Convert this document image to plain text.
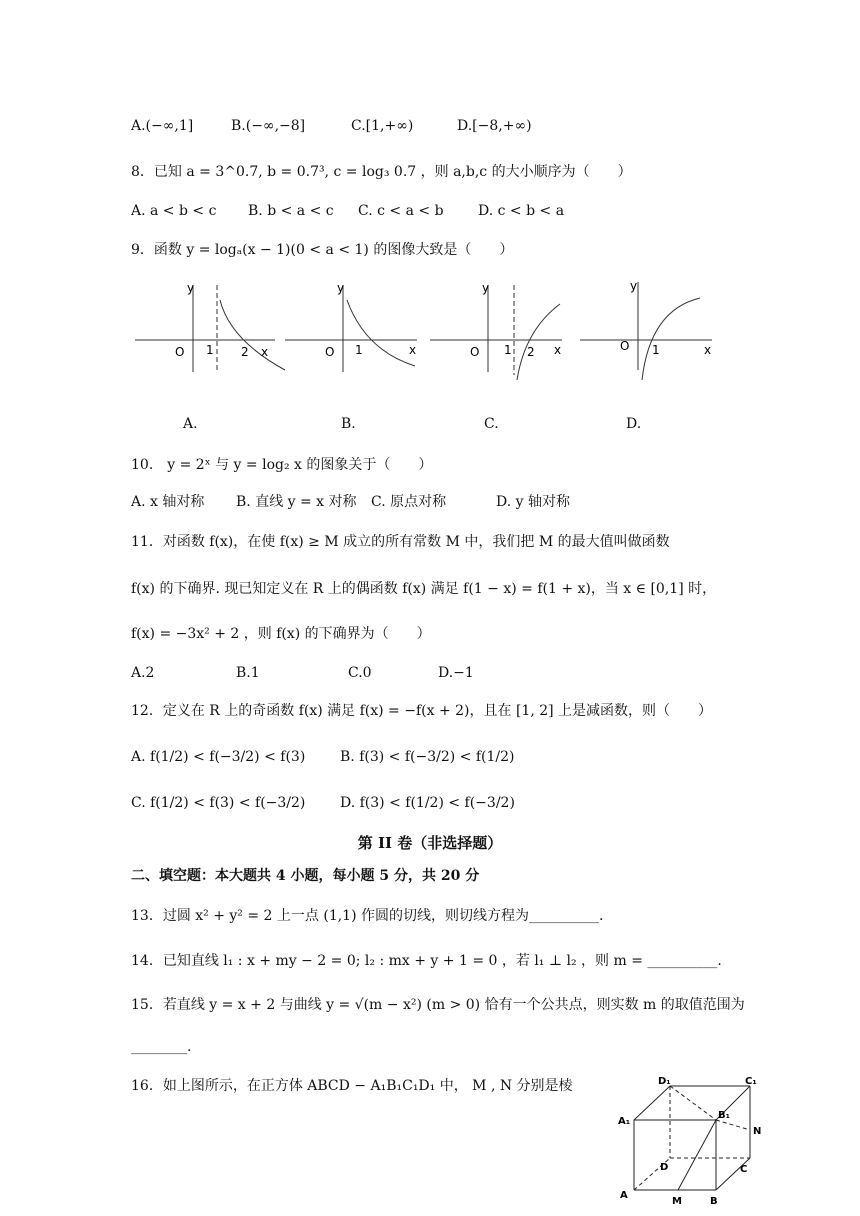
A.(−∞,1]	B.(−∞,−8]	C.[1,+∞)	D.[−8,+∞)
8．已知 a = 3^0.7, b = 0.7³, c = log₃ 0.7 ，则 a,b,c 的大小顺序为（　　）
A. a < b < c B. b < a < c C. c < a < b D. c < b < a
9．函数 y = logₐ(x − 1)(0 < a < 1) 的图像大致是（　　）
y
O 1 2 x
y
O 1	x
y
O 1 2 x
y
O 1	x
A.	B.	C.	D.
10.　y = 2ˣ 与 y = log₂ x 的图象关于（　　）
A. x 轴对称 B. 直线 y = x 对称 C. 原点对称	D. y 轴对称
11．对函数 f(x)，在使 f(x) ≥ M 成立的所有常数 M 中，我们把 M 的最大值叫做函数
f(x) 的下确界. 现已知定义在 R 上的偶函数 f(x) 满足 f(1 − x) = f(1 + x)，当 x ∈ [0,1] 时，
f(x) = −3x² + 2 ，则 f(x) 的下确界为（　　）
A.2	B.1	C.0	D.−1
12．定义在 R 上的奇函数 f(x) 满足 f(x) = −f(x + 2)，且在 [1, 2] 上是减函数，则（　　）
A. f(1/2) < f(−3/2) < f(3) B. f(3) < f(−3/2) < f(1/2)
C. f(1/2) < f(3) < f(−3/2) D. f(3) < f(1/2) < f(−3/2)
第 II 卷（非选择题）
二、填空题：本大题共 4 小题，每小题 5 分，共 20 分
13．过圆 x² + y² = 2 上一点 (1,1) 作圆的切线，则切线方程为__________.
14．已知直线 l₁ : x + my − 2 = 0; l₂ : mx + y + 1 = 0 ，若 l₁ ⊥ l₂ ，则 m = __________.
15．若直线 y = x + 2 与曲线 y = √(m − x²) (m > 0) 恰有一个公共点，则实数 m 的取值范围为
________.
16．如上图所示，在正方体 ABCD − A₁B₁C₁D₁ 中， M , N 分别是棱	D₁	C₁
A₁
B₁
N
D	C
A
M	B
